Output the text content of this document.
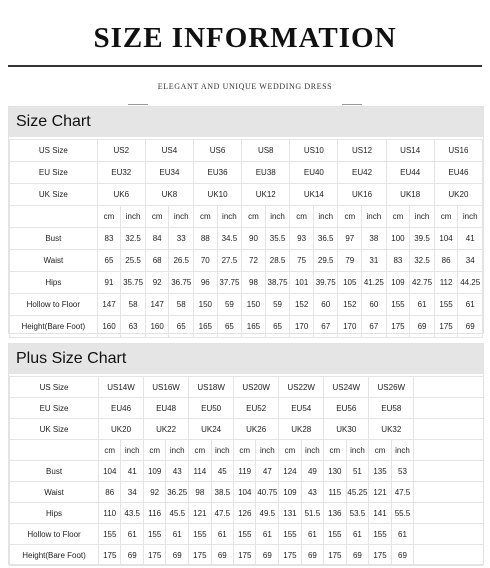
SIZE INFORMATION
ELEGANT AND UNIQUE WEDDING DRESS
Size Chart
US Size	US2		US4		US6		US8		US10		US12		US14		US16	
EU Size	EU32		EU34		EU36		EU38		EU40		EU42		EU44		EU46	
UK Size	UK6		UK8		UK10		UK12		UK14		UK16		UK18		UK20	
	cm	inch	cm	inch	cm	inch	cm	inch	cm	inch	cm	inch	cm	inch	cm	inch
Bust	83	32.5	84	33	88	34.5	90	35.5	93	36.5	97	38	100	39.5	104	41
Waist	65	25.5	68	26.5	70	27.5	72	28.5	75	29.5	79	31	83	32.5	86	34
Hips	91	35.75	92	36.75	96	37.75	98	38.75	101	39.75	105	41.25	109	42.75	112	44.25
Hollow to Floor	147	58	147	58	150	59	150	59	152	60	152	60	155	61	155	61
Height(Bare Foot)	160	63	160	65	165	65	165	65	170	67	170	67	175	69	175	69
Plus Size Chart
US Size	US14W		US16W		US18W		US20W		US22W		US24W		US26W		
EU Size	EU46		EU48		EU50		EU52		EU54		EU56		EU58		
UK Size	UK20		UK22		UK24		UK26		UK28		UK30		UK32		
	cm	inch	cm	inch	cm	inch	cm	inch	cm	inch	cm	inch	cm	inch	
Bust	104	41	109	43	114	45	119	47	124	49	130	51	135	53	
Waist	86	34	92	36.25	98	38.5	104	40.75	109	43	115	45.25	121	47.5	
Hips	110	43.5	116	45.5	121	47.5	126	49.5	131	51.5	136	53.5	141	55.5	
Hollow to Floor	155	61	155	61	155	61	155	61	155	61	155	61	155	61	
Height(Bare Foot)	175	69	175	69	175	69	175	69	175	69	175	69	175	69	
